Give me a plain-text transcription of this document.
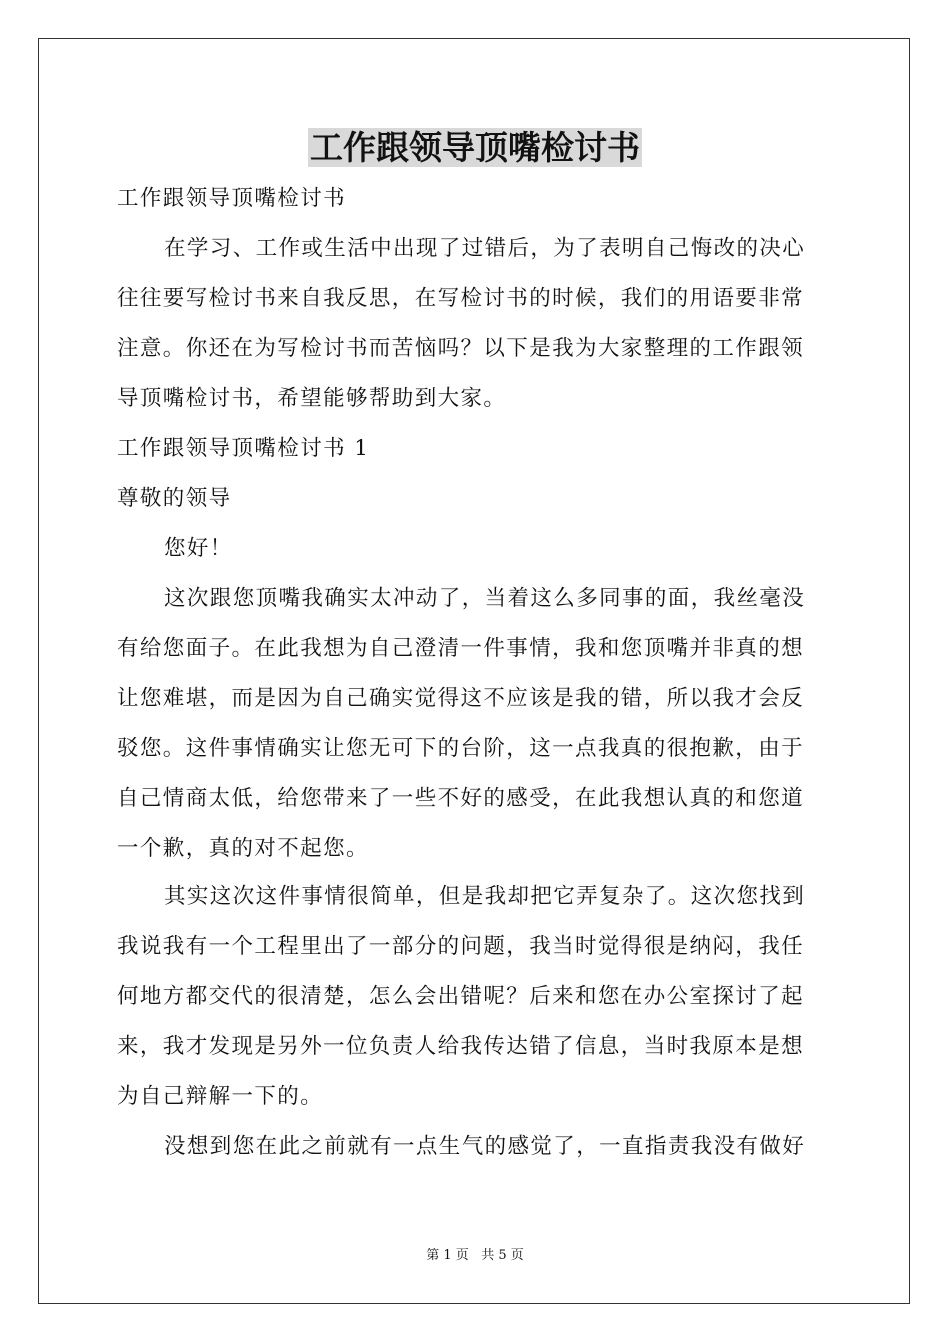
工作跟领导顶嘴检讨书

工作跟领导顶嘴检讨书

在学习、工作或生活中出现了过错后，为了表明自己悔改的决心

往往要写检讨书来自我反思，在写检讨书的时候，我们的用语要非常

注意。你还在为写检讨书而苦恼吗？以下是我为大家整理的工作跟领

导顶嘴检讨书，希望能够帮助到大家。

工作跟领导顶嘴检讨书 1

尊敬的领导

您好！

这次跟您顶嘴我确实太冲动了，当着这么多同事的面，我丝毫没

有给您面子。在此我想为自己澄清一件事情，我和您顶嘴并非真的想

让您难堪，而是因为自己确实觉得这不应该是我的错，所以我才会反

驳您。这件事情确实让您无可下的台阶，这一点我真的很抱歉，由于

自己情商太低，给您带来了一些不好的感受，在此我想认真的和您道

一个歉，真的对不起您。

其实这次这件事情很简单，但是我却把它弄复杂了。这次您找到

我说我有一个工程里出了一部分的问题，我当时觉得很是纳闷，我任

何地方都交代的很清楚，怎么会出错呢？后来和您在办公室探讨了起

来，我才发现是另外一位负责人给我传达错了信息，当时我原本是想

为自己辩解一下的。

没想到您在此之前就有一点生气的感觉了，一直指责我没有做好

第 1 页   共 5 页
